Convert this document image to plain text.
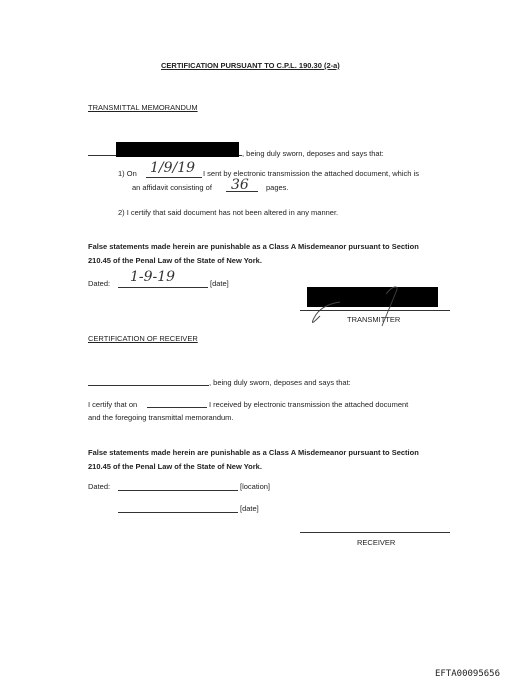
CERTIFICATION PURSUANT TO C.P.L. 190.30 (2-a)
TRANSMITTAL MEMORANDUM
, being duly sworn, deposes and says that:
1) On 1/9/19 I sent by electronic transmission the attached document, which is
an affidavit consisting of 36 pages.
2) I certify that said document has not been altered in any manner.
False statements made herein are punishable as a Class A Misdemeanor pursuant to Section
210.45 of the Penal Law of the State of New York.
Dated: 1-9-19	[date]
TRANSMITTER
CERTIFICATION OF RECEIVER
, being duly sworn, deposes and says that:
I certify that on	I received by electronic transmission the attached document
and the foregoing transmittal memorandum.
False statements made herein are punishable as a Class A Misdemeanor pursuant to Section
210.45 of the Penal Law of the State of New York.
Dated:	[location]
[date]
RECEIVER
EFTA00095656
